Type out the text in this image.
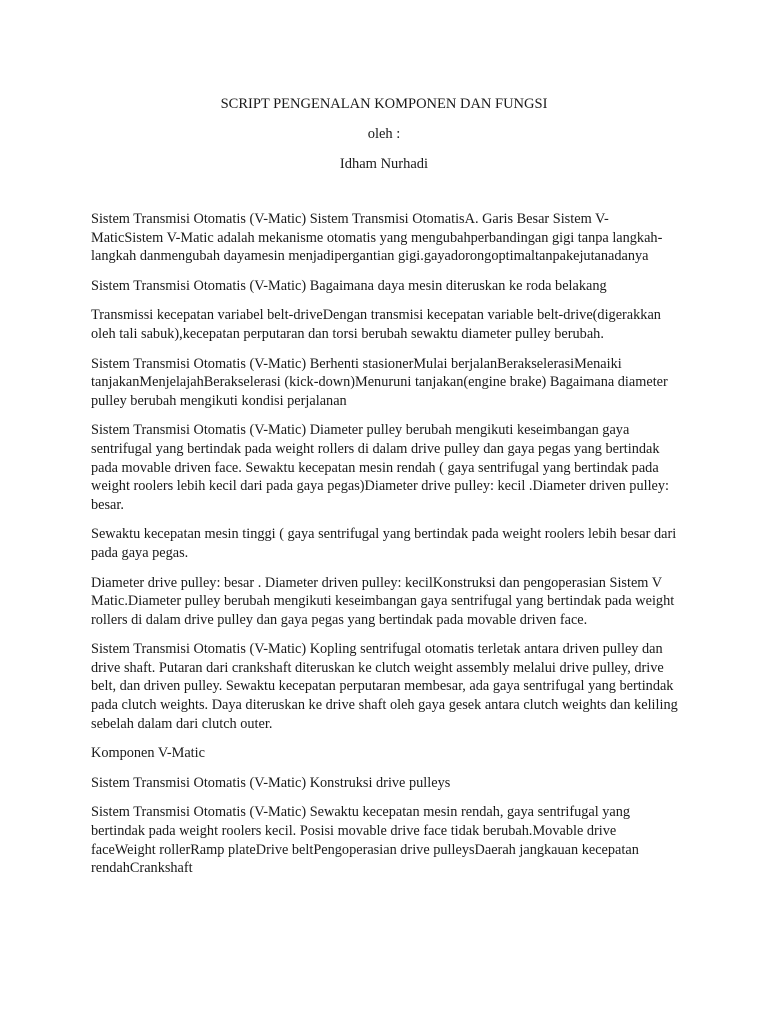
SCRIPT PENGENALAN KOMPONEN DAN FUNGSI

oleh :

Idham Nurhadi

Sistem Transmisi Otomatis (V-Matic) Sistem Transmisi OtomatisA. Garis Besar Sistem V-MaticSistem V-Matic adalah mekanisme otomatis yang mengubahperbandingan gigi tanpa langkah-langkah danmengubah dayamesin menjadipergantian gigi.gayadorongoptimaltanpakejutanadanya

Sistem Transmisi Otomatis (V-Matic) Bagaimana daya mesin diteruskan ke roda belakang

Transmissi kecepatan variabel belt-driveDengan transmisi kecepatan variable belt-drive(digerakkan oleh tali sabuk),kecepatan perputaran dan torsi berubah sewaktu diameter pulley berubah.

Sistem Transmisi Otomatis (V-Matic) Berhenti stasionerMulai berjalanBerakselerasiMenaiki tanjakanMenjelajahBerakselerasi (kick-down)Menuruni tanjakan(engine brake) Bagaimana diameter pulley berubah mengikuti kondisi perjalanan

Sistem Transmisi Otomatis (V-Matic) Diameter pulley berubah mengikuti keseimbangan gaya sentrifugal yang bertindak pada weight rollers di dalam drive pulley dan gaya pegas yang bertindak pada movable driven face. Sewaktu kecepatan mesin rendah ( gaya sentrifugal yang bertindak pada weight roolers lebih kecil dari pada gaya pegas)Diameter drive pulley: kecil .Diameter driven pulley: besar.

Sewaktu kecepatan mesin tinggi ( gaya sentrifugal yang bertindak pada weight roolers lebih besar dari pada gaya pegas.

Diameter drive pulley: besar . Diameter driven pulley: kecilKonstruksi dan pengoperasian Sistem V Matic.Diameter pulley berubah mengikuti keseimbangan gaya sentrifugal yang bertindak pada weight rollers di dalam drive pulley dan gaya pegas yang bertindak pada movable driven face.

Sistem Transmisi Otomatis (V-Matic) Kopling sentrifugal otomatis terletak antara driven pulley dan drive shaft. Putaran dari crankshaft diteruskan ke clutch weight assembly melalui drive pulley, drive belt, dan driven pulley. Sewaktu kecepatan perputaran membesar, ada gaya sentrifugal yang bertindak pada clutch weights. Daya diteruskan ke drive shaft oleh gaya gesek antara clutch weights dan keliling sebelah dalam dari clutch outer.

Komponen V-Matic

Sistem Transmisi Otomatis (V-Matic) Konstruksi drive pulleys

Sistem Transmisi Otomatis (V-Matic) Sewaktu kecepatan mesin rendah, gaya sentrifugal yang bertindak pada weight roolers kecil. Posisi movable drive face tidak berubah.Movable drive faceWeight rollerRamp plateDrive beltPengoperasian drive pulleysDaerah jangkauan kecepatan rendahCrankshaft
